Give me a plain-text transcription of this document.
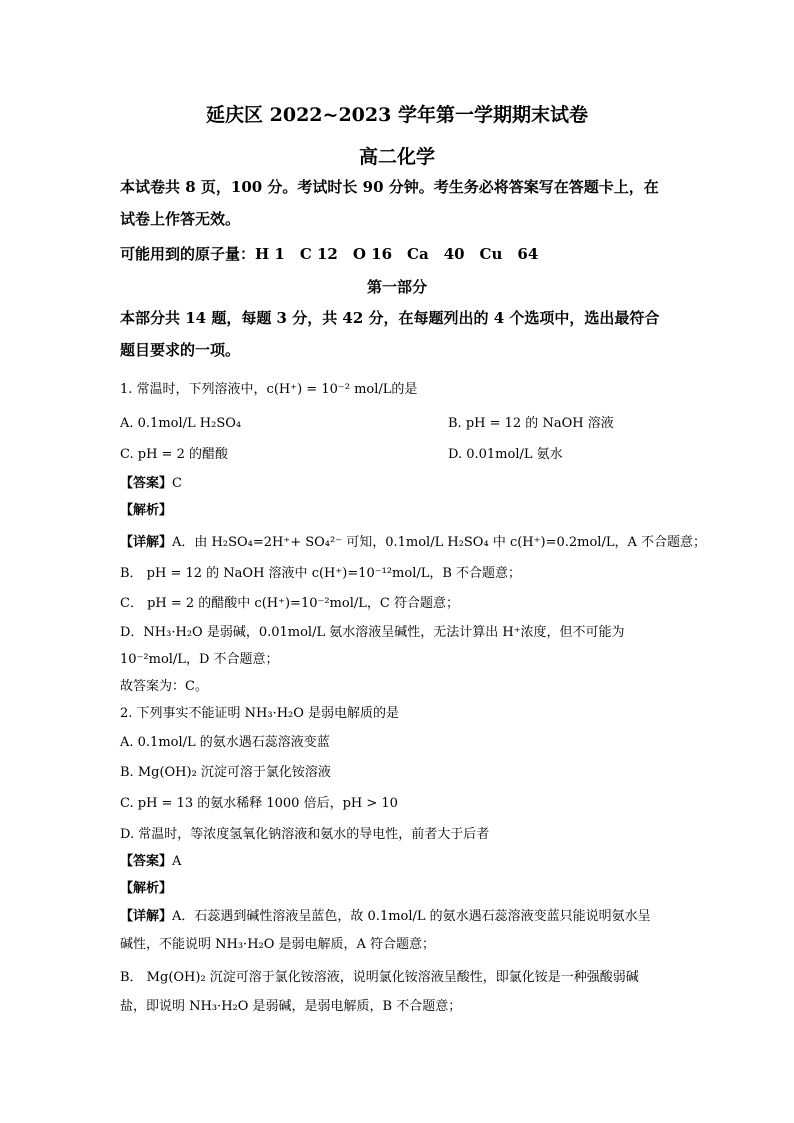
延庆区 2022~2023 学年第一学期期末试卷
高二化学
本试卷共 8 页，100 分。考试时长 90 分钟。考生务必将答案写在答题卡上，在
试卷上作答无效。
可能用到的原子量：H 1　C 12　O 16　Ca　40　Cu　64
第一部分
本部分共 14 题，每题 3 分，共 42 分，在每题列出的 4 个选项中，选出最符合
题目要求的一项。
1. 常温时，下列溶液中，c(H⁺) = 10⁻² mol/L的是
A. 0.1mol/L H₂SO₄	B. pH = 12 的 NaOH 溶液
C. pH = 2 的醋酸	D. 0.01mol/L 氨水
【答案】C
【解析】
【详解】A．由 H₂SO₄=2H⁺+ SO₄²⁻ 可知，0.1mol/L H₂SO₄ 中 c(H⁺)=0.2mol/L，A 不合题意；
B． pH = 12 的 NaOH 溶液中 c(H⁺)=10⁻¹²mol/L，B 不合题意；
C． pH = 2 的醋酸中 c(H⁺)=10⁻²mol/L，C 符合题意；
D．NH₃·H₂O 是弱碱，0.01mol/L 氨水溶液呈碱性，无法计算出 H⁺浓度，但不可能为
10⁻²mol/L，D 不合题意；
故答案为：C。
2. 下列事实不能证明 NH₃·H₂O 是弱电解质的是
A. 0.1mol/L 的氨水遇石蕊溶液变蓝
B. Mg(OH)₂ 沉淀可溶于氯化铵溶液
C. pH = 13 的氨水稀释 1000 倍后，pH > 10
D. 常温时，等浓度氢氧化钠溶液和氨水的导电性，前者大于后者
【答案】A
【解析】
【详解】A．石蕊遇到碱性溶液呈蓝色，故 0.1mol/L 的氨水遇石蕊溶液变蓝只能说明氨水呈
碱性，不能说明 NH₃·H₂O 是弱电解质，A 符合题意；
B． Mg(OH)₂ 沉淀可溶于氯化铵溶液，说明氯化铵溶液呈酸性，即氯化铵是一种强酸弱碱
盐，即说明 NH₃·H₂O 是弱碱，是弱电解质，B 不合题意；
